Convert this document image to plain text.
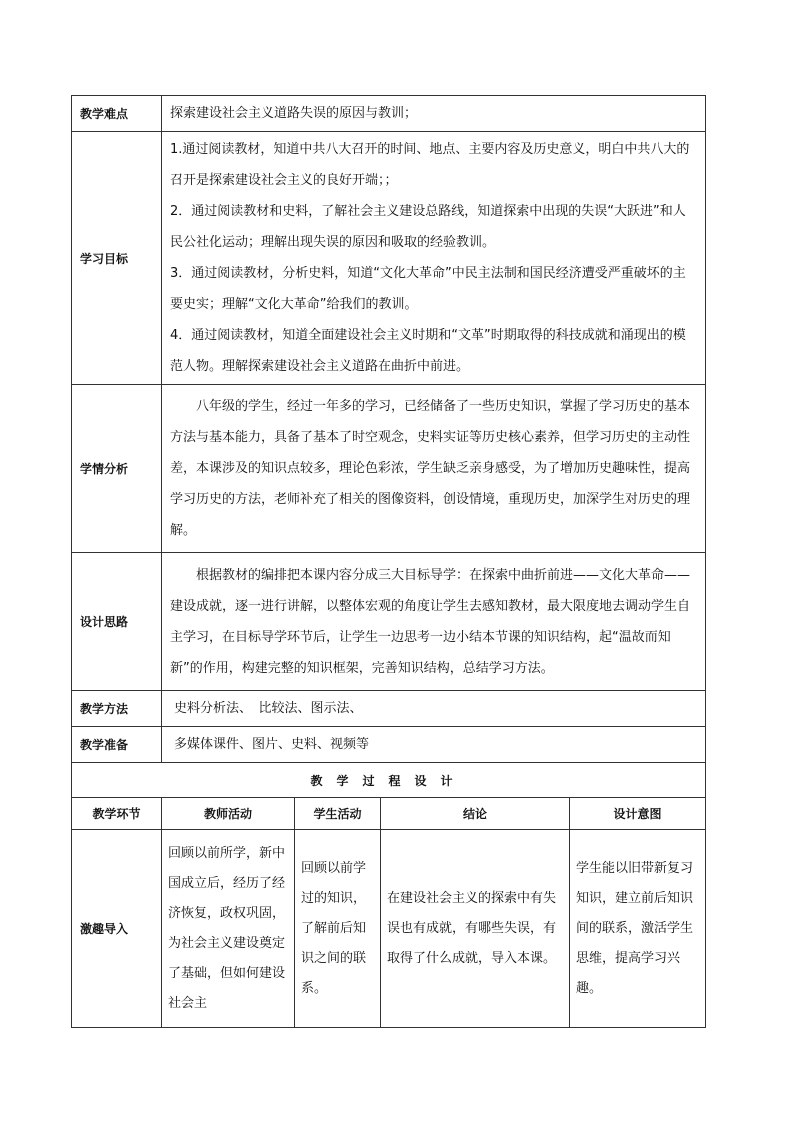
教学难点	探索建设社会主义道路失误的原因与教训；			
学习目标	1.通过阅读教材，知道中共八大召开的时间、地点、主要内容及历史意义，明白中共八大的召开是探索建设社会主义的良好开端；；

2．通过阅读教材和史料，了解社会主义建设总路线，知道探索中出现的失误“大跃进”和人民公社化运动；理解出现失误的原因和吸取的经验教训。

3．通过阅读教材，分析史料，知道“文化大革命”中民主法制和国民经济遭受严重破坏的主要史实；理解“文化大革命”给我们的教训。

4．通过阅读教材，知道全面建设社会主义时期和“文革”时期取得的科技成就和涌现出的模范人物。理解探索建设社会主义道路在曲折中前进。			

学情分析	八年级的学生，经过一年多的学习，已经储备了一些历史知识，掌握了学习历史的基本方法与基本能力，具备了基本了时空观念，史料实证等历史核心素养，但学习历史的主动性差，本课涉及的知识点较多，理论色彩浓，学生缺乏亲身感受，为了增加历史趣味性，提高学习历史的方法，老师补充了相关的图像资料，创设情境，重现历史，加深学生对历史的理解。			
设计思路	根据教材的编排把本课内容分成三大目标导学：在探索中曲折前进——文化大革命——建设成就，逐一进行讲解，以整体宏观的角度让学生去感知教材，最大限度地去调动学生自主学习，在目标导学环节后，让学生一边思考一边小结本节课的知识结构，起“温故而知新”的作用，构建完整的知识框架，完善知识结构，总结学习方法。			
教学方法	史料分析法、　比较法、图示法、			
教学准备	多媒体课件、图片、史料、视频等			
教学过程设计				
教学环节	教师活动	学生活动	结论	设计意图
激趣导入	回顾以前所学，新中国成立后，经历了经济恢复，政权巩固，为社会主义建设奠定了基础，但如何建设社会主	回顾以前学过的知识，了解前后知识之间的联系。	在建设社会主义的探索中有失误也有成就，有哪些失误，有取得了什么成就，导入本课。	学生能以旧带新复习知识，建立前后知识间的联系，激活学生思维，提高学习兴趣。
